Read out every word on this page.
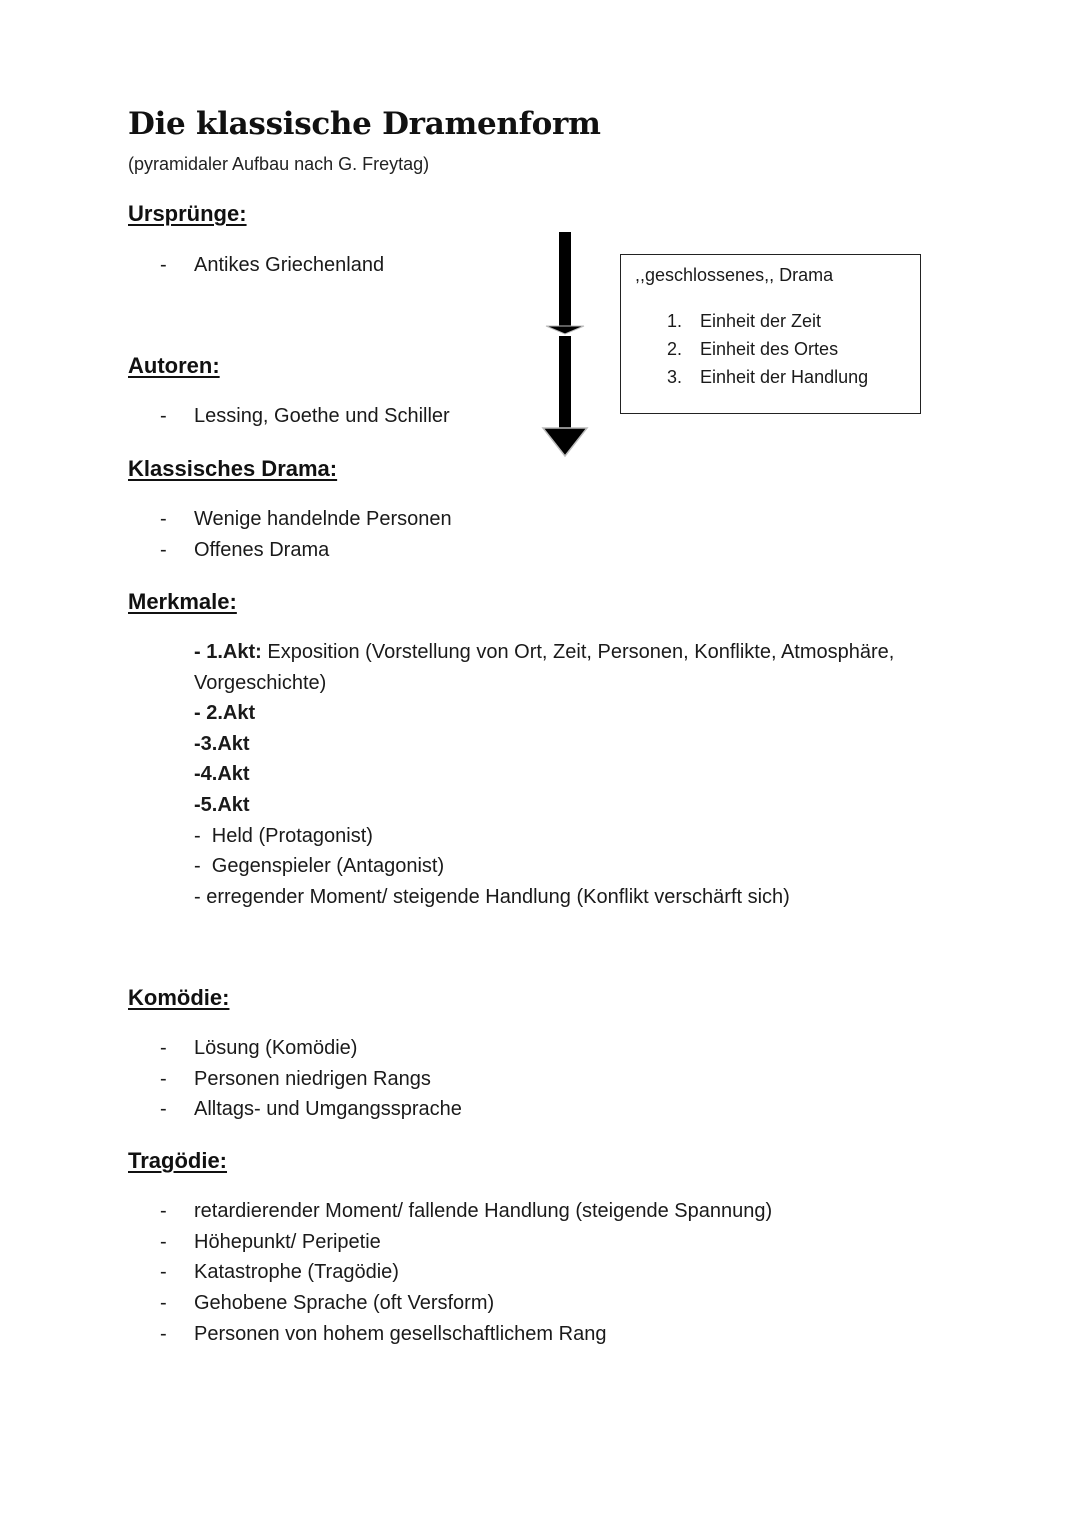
Die klassische Dramenform
(pyramidaler Aufbau nach G. Freytag)
Ursprünge:
- Antikes Griechenland
Autoren:
- Lessing, Goethe und Schiller
Klassisches Drama:
- Wenige handelnde Personen
- Offenes Drama
Merkmale:
- 1.Akt: Exposition (Vorstellung von Ort, Zeit, Personen, Konflikte, Atmosphäre,
Vorgeschichte)
- 2.Akt
-3.Akt
-4.Akt
-5.Akt
-  Held (Protagonist)
-  Gegenspieler (Antagonist)
- erregender Moment/ steigende Handlung (Konflikt verschärft sich)
Komödie:
- Lösung (Komödie)
- Personen niedrigen Rangs
- Alltags- und Umgangssprache
Tragödie:
- retardierender Moment/ fallende Handlung (steigende Spannung)
- Höhepunkt/ Peripetie
- Katastrophe (Tragödie)
- Gehobene Sprache (oft Versform)
- Personen von hohem gesellschaftlichem Rang
,,geschlossenes,, Drama
1. Einheit der Zeit
2. Einheit des Ortes
3. Einheit der Handlung
